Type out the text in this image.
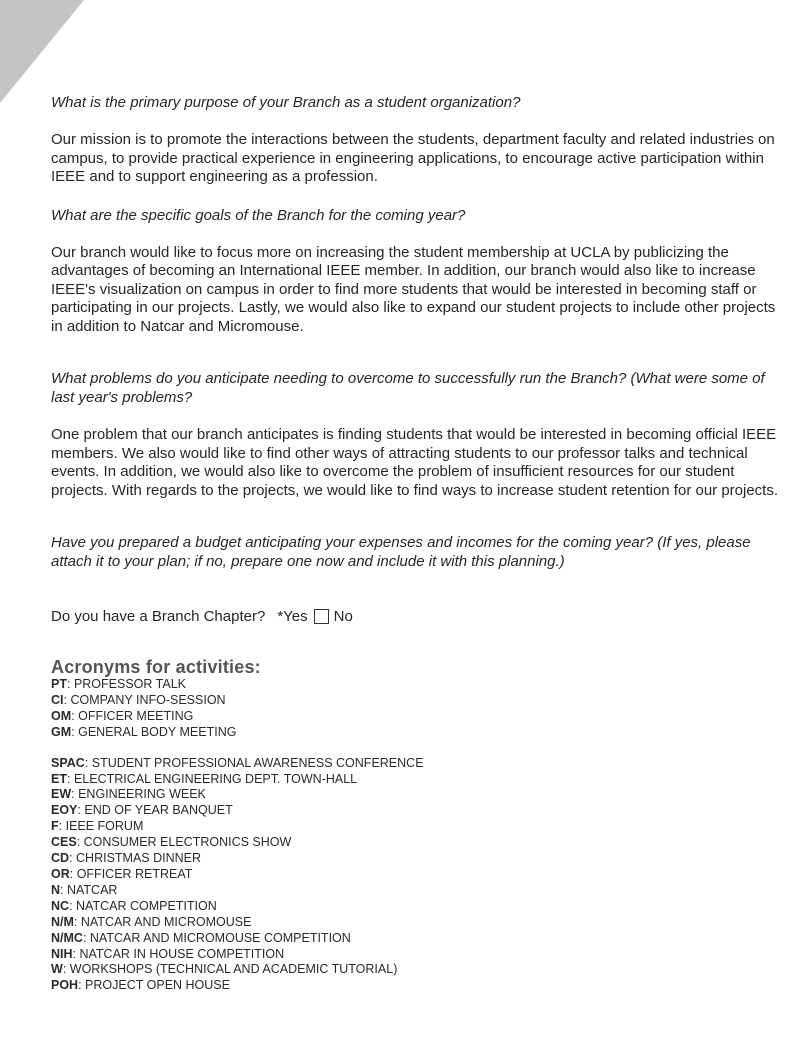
What is the primary purpose of your Branch as a student organization?

Our mission is to promote the interactions between the students, department faculty and related industries on campus, to provide practical experience in engineering applications, to encourage active participation within IEEE and to support engineering as a profession.

What are the specific goals of the Branch for the coming year?

Our branch would like to focus more on increasing the student membership at UCLA by publicizing the advantages of becoming an International IEEE member. In addition, our branch would also like to increase IEEE's visualization on campus in order to find more students that would be interested in becoming staff or participating in our projects. Lastly, we would also like to expand our student projects to include other projects in addition to Natcar and Micromouse.

What problems do you anticipate needing to overcome to successfully run the Branch? (What were some of last year's problems?

One problem that our branch anticipates is finding students that would be interested in becoming official IEEE members. We also would like to find other ways of attracting students to our professor talks and technical events. In addition, we would also like to overcome the problem of insufficient resources for our student projects. With regards to the projects, we would like to find ways to increase student retention for our projects.

Have you prepared a budget anticipating your expenses and incomes for the coming year? (If yes, please attach it to your plan; if no, prepare one now and include it with this planning.)

Do you have a Branch Chapter? *Yes No

Acronyms for activities:

PT: PROFESSOR TALK
CI: COMPANY INFO-SESSION
OM: OFFICER MEETING
GM: GENERAL BODY MEETING
SPAC: STUDENT PROFESSIONAL AWARENESS CONFERENCE
ET: ELECTRICAL ENGINEERING DEPT. TOWN-HALL
EW: ENGINEERING WEEK
EOY: END OF YEAR BANQUET
F: IEEE FORUM
CES: CONSUMER ELECTRONICS SHOW
CD: CHRISTMAS DINNER
OR: OFFICER RETREAT
N: NATCAR
NC: NATCAR COMPETITION
N/M: NATCAR AND MICROMOUSE
N/MC: NATCAR AND MICROMOUSE COMPETITION
NIH: NATCAR IN HOUSE COMPETITION
W: WORKSHOPS (TECHNICAL AND ACADEMIC TUTORIAL)
POH: PROJECT OPEN HOUSE
